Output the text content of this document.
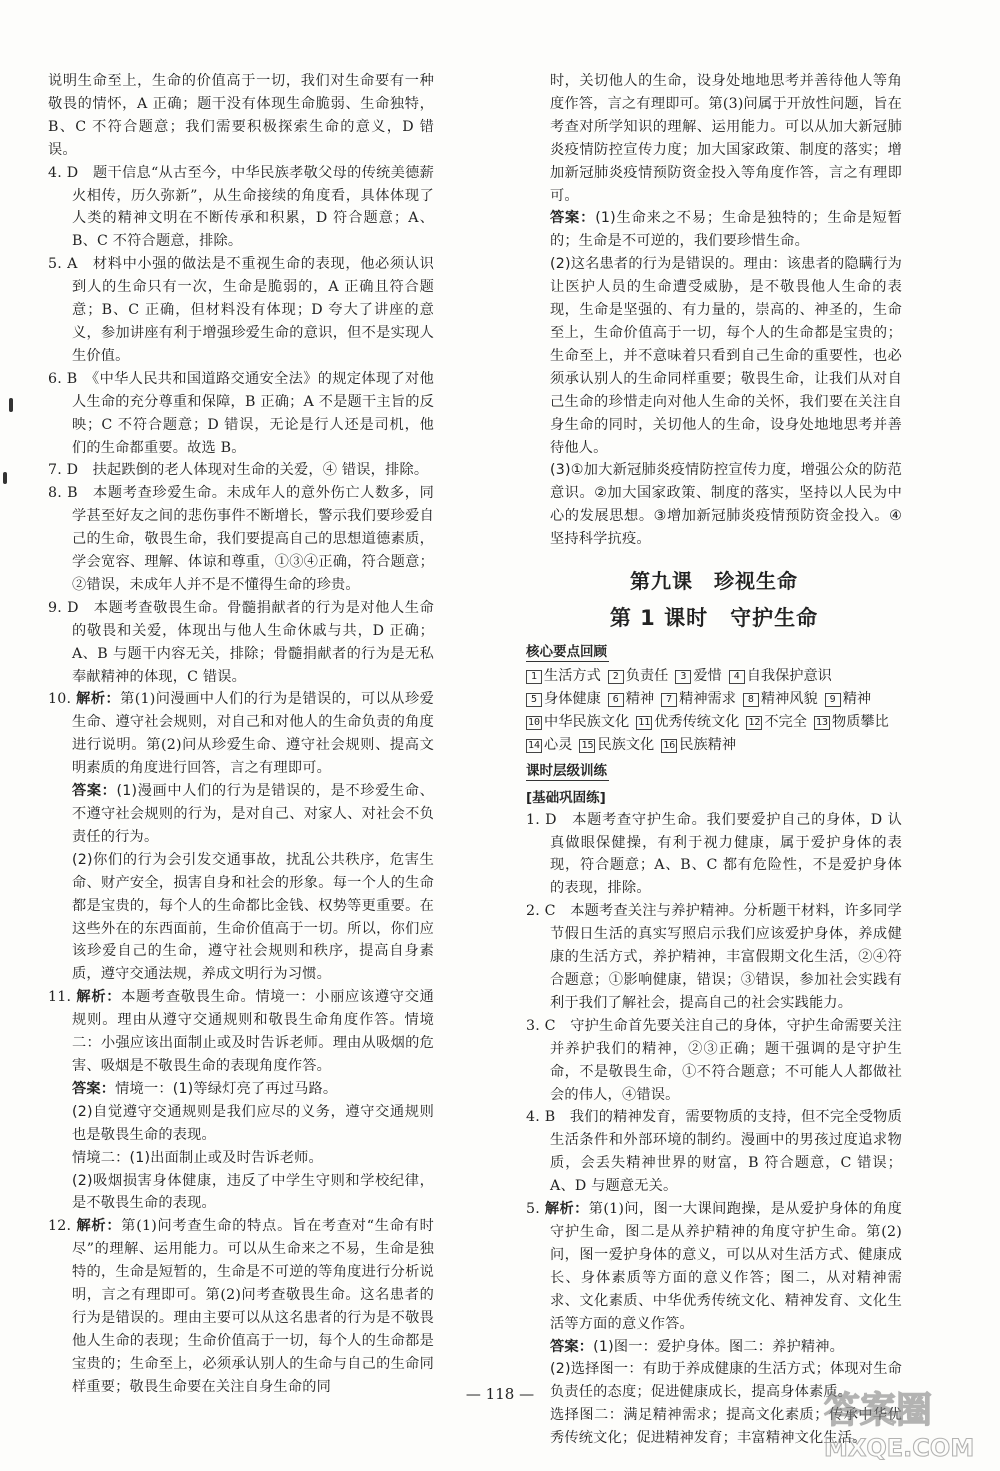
说明生命至上，生命的价值高于一切，我们对生命要有一种敬畏的情怀，A 正确；题干没有体现生命脆弱、生命独特，B、C 不符合题意；我们需要积极探索生命的意义，D 错误。

4. D　题干信息“从古至今，中华民族孝敬父母的传统美德薪火相传，历久弥新”，从生命接续的角度看，具体体现了人类的精神文明在不断传承和积累，D 符合题意；A、B、C 不符合题意，排除。

5. A　材料中小强的做法是不重视生命的表现，他必须认识到人的生命只有一次，生命是脆弱的，A 正确且符合题意；B、C 正确，但材料没有体现；D 夸大了讲座的意义，参加讲座有利于增强珍爱生命的意识，但不是实现人生价值。

6. B　《中华人民共和国道路交通安全法》的规定体现了对他人生命的充分尊重和保障，B 正确；A 不是题干主旨的反映；C 不符合题意；D 错误，无论是行人还是司机，他们的生命都重要。故选 B。

7. D　扶起跌倒的老人体现对生命的关爱，④ 错误，排除。

8. B　本题考查珍爱生命。未成年人的意外伤亡人数多，同学甚至好友之间的悲伤事件不断增长，警示我们要珍爱自己的生命，敬畏生命，我们要提高自己的思想道德素质，学会宽容、理解、体谅和尊重，①③④正确，符合题意；②错误，未成年人并不是不懂得生命的珍贵。

9. D　本题考查敬畏生命。骨髓捐献者的行为是对他人生命的敬畏和关爱，体现出与他人生命休戚与共，D 正确；A、B 与题干内容无关，排除；骨髓捐献者的行为是无私奉献精神的体现，C 错误。

10. 解析：第(1)问漫画中人们的行为是错误的，可以从珍爱生命、遵守社会规则，对自己和对他人的生命负责的角度进行说明。第(2)问从珍爱生命、遵守社会规则、提高文明素质的角度进行回答，言之有理即可。

答案：(1)漫画中人们的行为是错误的，是不珍爱生命、不遵守社会规则的行为，是对自己、对家人、对社会不负责任的行为。

(2)你们的行为会引发交通事故，扰乱公共秩序，危害生命、财产安全，损害自身和社会的形象。每一个人的生命都是宝贵的，每个人的生命都比金钱、权势等更重要。在这些外在的东西面前，生命价值高于一切。所以，你们应该珍爱自己的生命，遵守社会规则和秩序，提高自身素质，遵守交通法规，养成文明行为习惯。

11. 解析：本题考查敬畏生命。情境一：小丽应该遵守交通规则。理由从遵守交通规则和敬畏生命角度作答。情境二：小强应该出面制止或及时告诉老师。理由从吸烟的危害、吸烟是不敬畏生命的表现角度作答。

答案：情境一：(1)等绿灯亮了再过马路。

(2)自觉遵守交通规则是我们应尽的义务，遵守交通规则也是敬畏生命的表现。

情境二：(1)出面制止或及时告诉老师。

(2)吸烟损害身体健康，违反了中学生守则和学校纪律，是不敬畏生命的表现。

12. 解析：第(1)问考查生命的特点。旨在考查对“生命有时尽”的理解、运用能力。可以从生命来之不易，生命是独特的，生命是短暂的，生命是不可逆的等角度进行分析说明，言之有理即可。第(2)问考查敬畏生命。这名患者的行为是错误的。理由主要可以从这名患者的行为是不敬畏他人生命的表现；生命价值高于一切，每个人的生命都是宝贵的；生命至上，必须承认别人的生命与自己的生命同样重要；敬畏生命要在关注自身生命的同

时，关切他人的生命，设身处地地思考并善待他人等角度作答，言之有理即可。第(3)问属于开放性问题，旨在考查对所学知识的理解、运用能力。可以从加大新冠肺炎疫情防控宣传力度；加大国家政策、制度的落实；增加新冠肺炎疫情预防资金投入等角度作答，言之有理即可。

答案：(1)生命来之不易；生命是独特的；生命是短暂的；生命是不可逆的，我们要珍惜生命。

(2)这名患者的行为是错误的。理由：该患者的隐瞒行为让医护人员的生命遭受威胁，是不敬畏他人生命的表现，生命是坚强的、有力量的，崇高的、神圣的，生命至上，生命价值高于一切，每个人的生命都是宝贵的；生命至上，并不意味着只看到自己生命的重要性，也必须承认别人的生命同样重要；敬畏生命，让我们从对自己生命的珍惜走向对他人生命的关怀，我们要在关注自身生命的同时，关切他人的生命，设身处地地思考并善待他人。

(3)①加大新冠肺炎疫情防控宣传力度，增强公众的防范意识。②加大国家政策、制度的落实，坚持以人民为中心的发展思想。③增加新冠肺炎疫情预防资金投入。④坚持科学抗疫。

第九课　珍视生命
第 1 课时　守护生命
核心要点回顾
1 生活方式 2 负责任 3 爱惜 4 自我保护意识5 身体健康 6 精神 7 精神需求 8 精神风貌 9 精神10 中华民族文化 11 优秀传统文化 12 不完全 13 物质攀比14 心灵 15 民族文化 16 民族精神
课时层级训练
[基础巩固练]

1. D　本题考查守护生命。我们要爱护自己的身体，D 认真做眼保健操，有利于视力健康，属于爱护身体的表现，符合题意；A、B、C 都有危险性，不是爱护身体的表现，排除。

2. C　本题考查关注与养护精神。分析题干材料，许多同学节假日生活的真实写照启示我们应该爱护身体，养成健康的生活方式，养护精神，丰富假期文化生活，②④符合题意；①影响健康，错误；③错误，参加社会实践有利于我们了解社会，提高自己的社会实践能力。

3. C　守护生命首先要关注自己的身体，守护生命需要关注并养护我们的精神，②③正确；题干强调的是守护生命，不是敬畏生命，①不符合题意；不可能人人都做社会的伟人，④错误。

4. B　我们的精神发育，需要物质的支持，但不完全受物质生活条件和外部环境的制约。漫画中的男孩过度追求物质，会丢失精神世界的财富，B 符合题意，C 错误；A、D 与题意无关。

5. 解析：第(1)问，图一大课间跑操，是从爱护身体的角度守护生命，图二是从养护精神的角度守护生命。第(2)问，图一爱护身体的意义，可以从对生活方式、健康成长、身体素质等方面的意义作答；图二，从对精神需求、文化素质、中华优秀传统文化、精神发育、文化生活等方面的意义作答。

答案：(1)图一：爱护身体。图二：养护精神。

(2)选择图一：有助于养成健康的生活方式；体现对生命负责任的态度；促进健康成长，提高身体素质。

选择图二：满足精神需求；提高文化素质；传承中华优秀传统文化；促进精神发育；丰富精神文化生活。

— 118 —	答案圈
MXQE.COM
